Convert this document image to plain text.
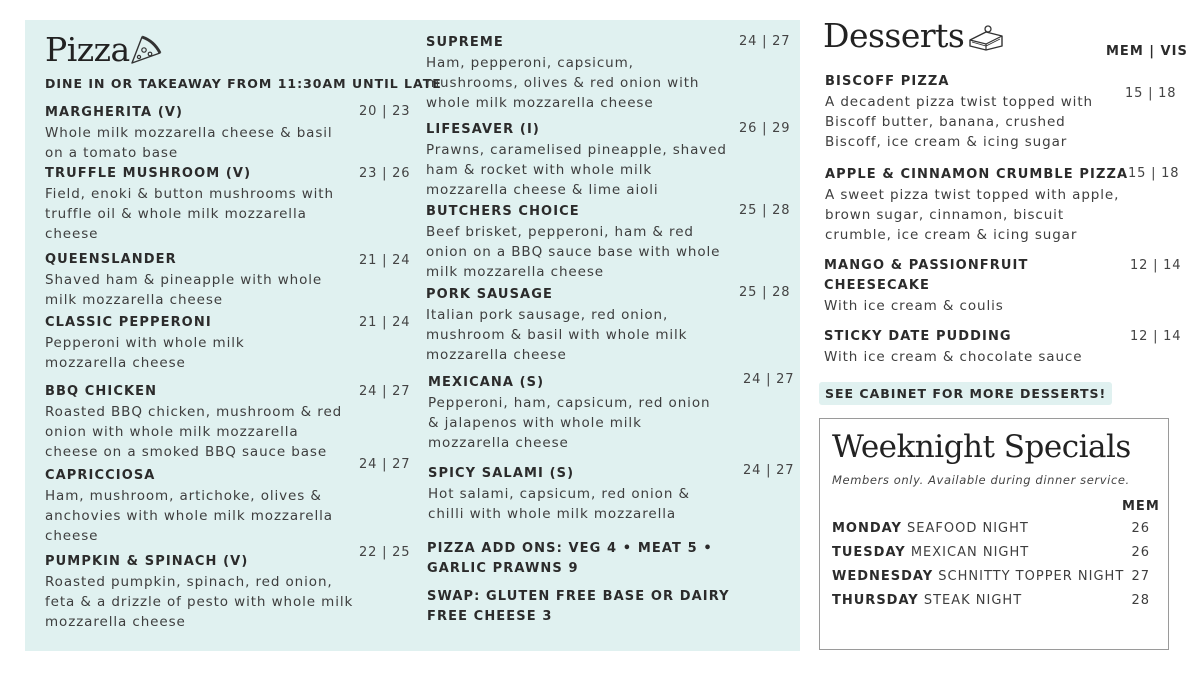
Pizza
DINE IN OR TAKEAWAY FROM 11:30AM UNTIL LATE
MARGHERITA (V)
Whole milk mozzarella cheese & basil on a tomato base
20 | 23
TRUFFLE MUSHROOM (V)
Field, enoki & button mushrooms with truffle oil & whole milk mozzarella cheese
23 | 26
QUEENSLANDER
Shaved ham & pineapple with whole milk mozzarella cheese
21 | 24
CLASSIC PEPPERONI
Pepperoni with whole milk mozzarella cheese
21 | 24
BBQ CHICKEN
Roasted BBQ chicken, mushroom & red onion with whole milk mozzarella cheese on a smoked BBQ sauce base
24 | 27
CAPRICCIOSA
Ham, mushroom, artichoke, olives & anchovies with whole milk mozzarella cheese
24 | 27
PUMPKIN & SPINACH (V)
Roasted pumpkin, spinach, red onion, feta & a drizzle of pesto with whole milk mozzarella cheese
22 | 25
SUPREME
Ham, pepperoni, capsicum, mushrooms, olives & red onion with whole milk mozzarella cheese
24 | 27
LIFESAVER (I)
Prawns, caramelised pineapple, shaved ham & rocket with whole milk mozzarella cheese & lime aioli
26 | 29
BUTCHERS CHOICE
Beef brisket, pepperoni, ham & red onion on a BBQ sauce base with whole milk mozzarella cheese
25 | 28
PORK SAUSAGE
Italian pork sausage, red onion, mushroom & basil with whole milk mozzarella cheese
25 | 28
MEXICANA (S)
Pepperoni, ham, capsicum, red onion & jalapenos with whole milk mozzarella cheese
24 | 27
SPICY SALAMI (S)
Hot salami, capsicum, red onion & chilli with whole milk mozzarella
24 | 27
PIZZA ADD ONS: VEG 4 • MEAT 5 • GARLIC PRAWNS 9
SWAP: GLUTEN FREE BASE OR DAIRY FREE CHEESE 3
Desserts	MEM | VIS
BISCOFF PIZZA
A decadent pizza twist topped with Biscoff butter, banana, crushed Biscoff, ice cream & icing sugar
15 | 18
APPLE & CINNAMON CRUMBLE PIZZA
A sweet pizza twist topped with apple, brown sugar, cinnamon, biscuit crumble, ice cream & icing sugar
15 | 18
MANGO & PASSIONFRUIT CHEESECAKE
With ice cream & coulis
12 | 14
STICKY DATE PUDDING
With ice cream & chocolate sauce
12 | 14
SEE CABINET FOR MORE DESSERTS!
Weeknight Specials
Members only. Available during dinner service.
MEM
MONDAY SEAFOOD NIGHT	26
TUESDAY MEXICAN NIGHT	26
WEDNESDAY SCHNITTY TOPPER NIGHT 27
THURSDAY STEAK NIGHT	28
